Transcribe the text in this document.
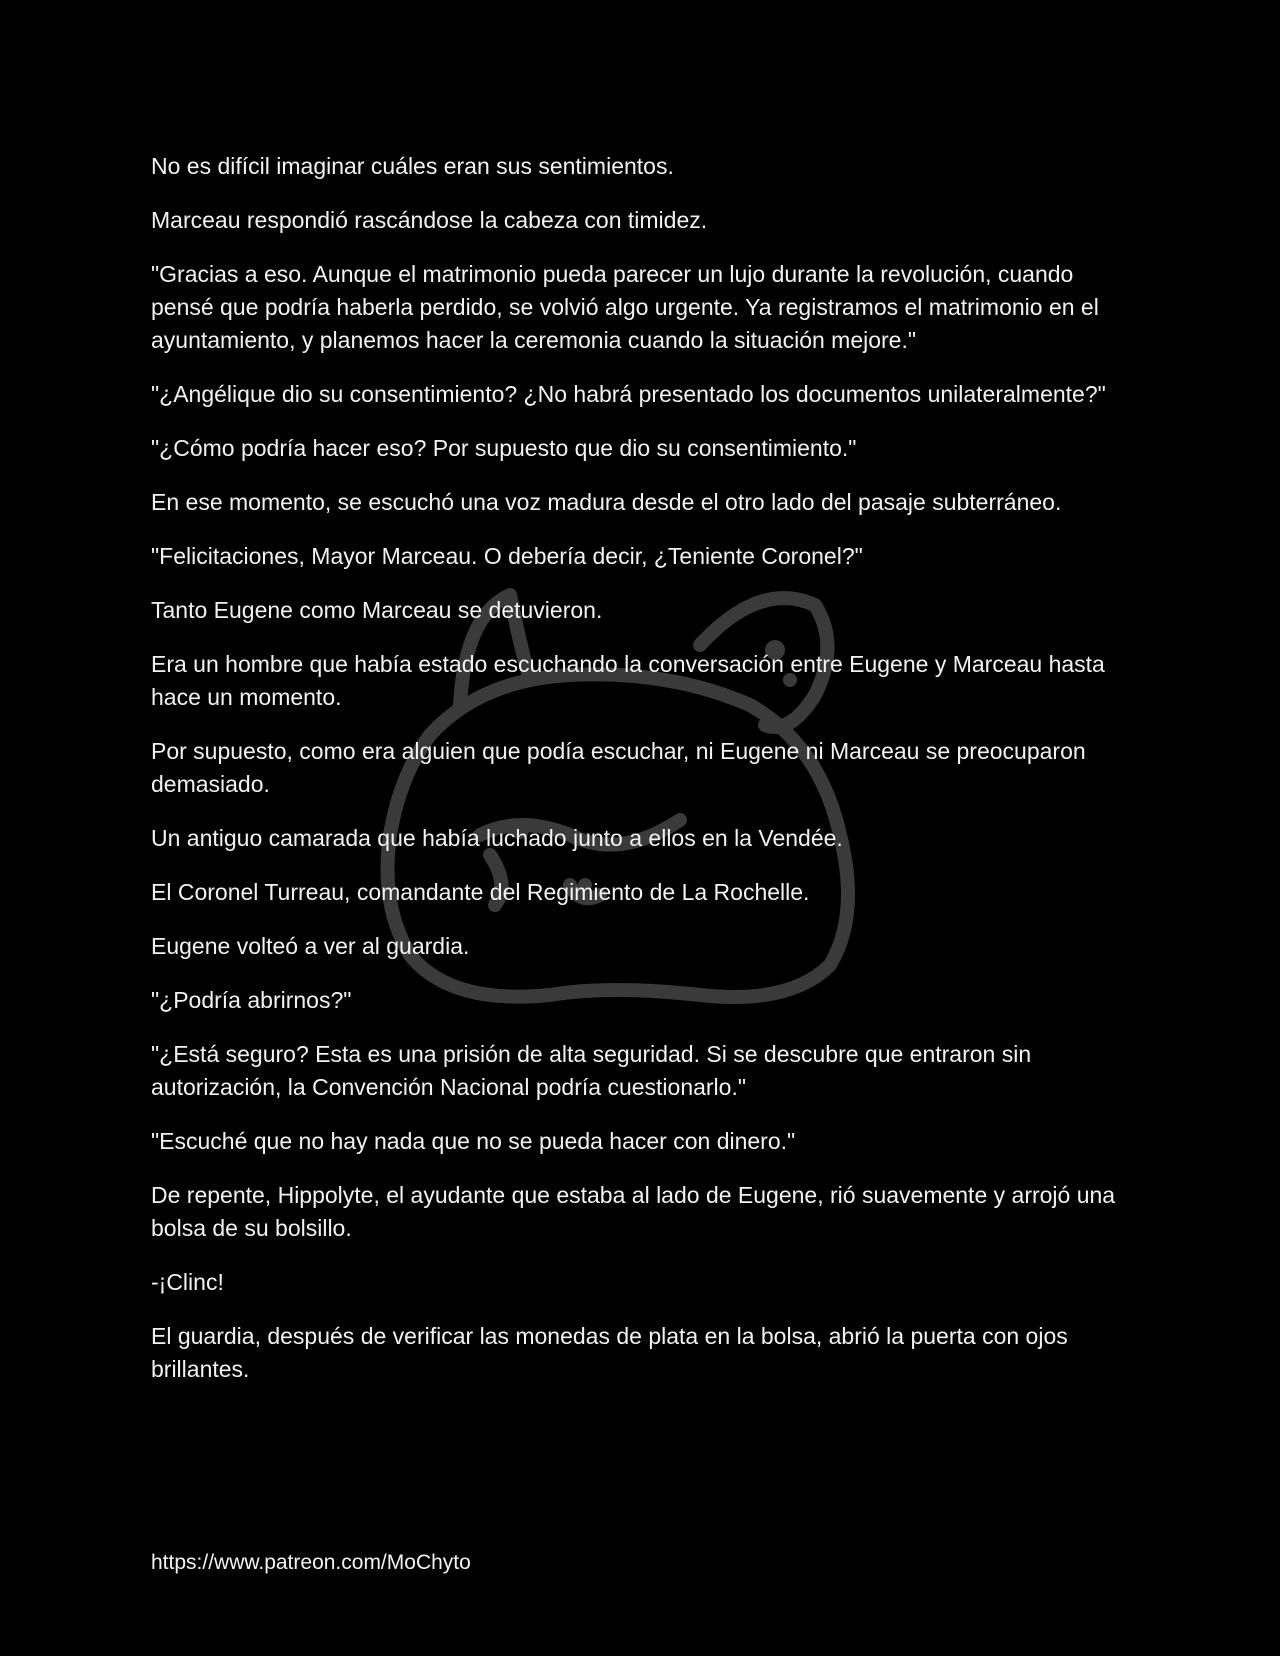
No es difícil imaginar cuáles eran sus sentimientos.

Marceau respondió rascándose la cabeza con timidez.

"Gracias a eso. Aunque el matrimonio pueda parecer un lujo durante la revolución, cuando pensé que podría haberla perdido, se volvió algo urgente. Ya registramos el matrimonio en el ayuntamiento, y planemos hacer la ceremonia cuando la situación mejore."

"¿Angélique dio su consentimiento? ¿No habrá presentado los documentos unilateralmente?"

"¿Cómo podría hacer eso? Por supuesto que dio su consentimiento."

En ese momento, se escuchó una voz madura desde el otro lado del pasaje subterráneo.

"Felicitaciones, Mayor Marceau. O debería decir, ¿Teniente Coronel?"

Tanto Eugene como Marceau se detuvieron.

Era un hombre que había estado escuchando la conversación entre Eugene y Marceau hasta hace un momento.

Por supuesto, como era alguien que podía escuchar, ni Eugene ni Marceau se preocuparon demasiado.

Un antiguo camarada que había luchado junto a ellos en la Vendée.

El Coronel Turreau, comandante del Regimiento de La Rochelle.

Eugene volteó a ver al guardia.

"¿Podría abrirnos?"

"¿Está seguro? Esta es una prisión de alta seguridad. Si se descubre que entraron sin autorización, la Convención Nacional podría cuestionarlo."

"Escuché que no hay nada que no se pueda hacer con dinero."

De repente, Hippolyte, el ayudante que estaba al lado de Eugene, rió suavemente y arrojó una bolsa de su bolsillo.

-¡Clinc!

El guardia, después de verificar las monedas de plata en la bolsa, abrió la puerta con ojos brillantes.

https://www.patreon.com/MoChyto
